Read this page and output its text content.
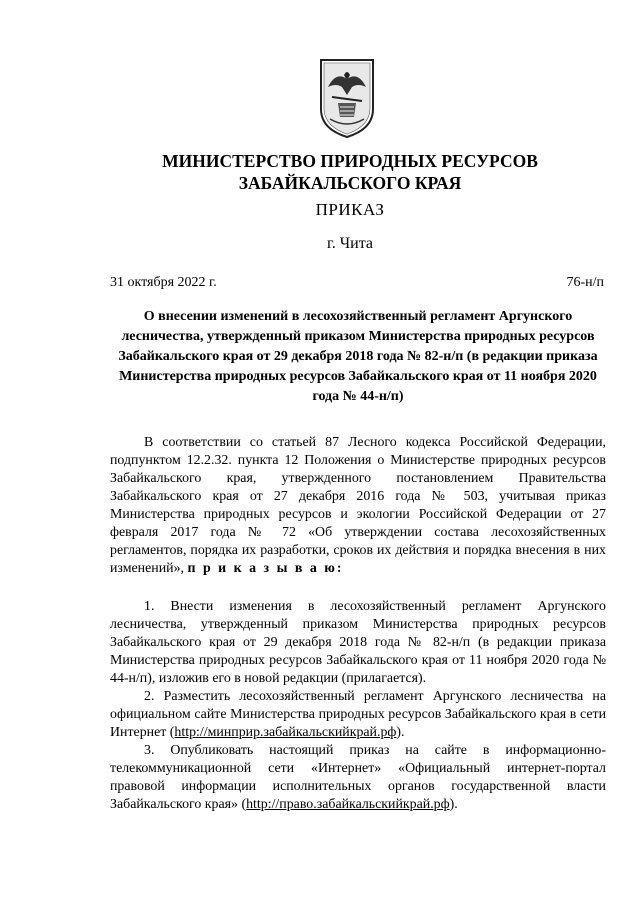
МИНИСТЕРСТВО ПРИРОДНЫХ РЕСУРСОВ
ЗАБАЙКАЛЬСКОГО КРАЯ
ПРИКАЗ
г. Чита
31 октября 2022 г.	76-н/п
О внесении изменений в лесохозяйственный регламент Аргунского лесничества, утвержденный приказом Министерства природных ресурсов Забайкальского края от 29 декабря 2018 года № 82-н/п (в редакции приказа Министерства природных ресурсов Забайкальского края от 11 ноября 2020 года № 44-н/п)

В соответствии со статьей 87 Лесного кодекса Российской Федерации, подпунктом 12.2.32. пункта 12 Положения о Министерстве природных ресурсов Забайкальского края, утвержденного постановлением Правительства Забайкальского края от 27 декабря 2016 года № 503, учитывая приказ Министерства природных ресурсов и экологии Российской Федерации от 27 февраля 2017 года № 72 «Об утверждении состава лесохозяйственных регламентов, порядка их разработки, сроков их действия и порядка внесения в них изменений», п р и к а з ы в а ю:

1. Внести изменения в лесохозяйственный регламент Аргунского лесничества, утвержденный приказом Министерства природных ресурсов Забайкальского края от 29 декабря 2018 года № 82-н/п (в редакции приказа Министерства природных ресурсов Забайкальского края от 11 ноября 2020 года № 44-н/п), изложив его в новой редакции (прилагается).

2. Разместить лесохозяйственный регламент Аргунского лесничества на официальном сайте Министерства природных ресурсов Забайкальского края в сети Интернет (http://минприр.забайкальскийкрай.рф).

3. Опубликовать настоящий приказ на сайте в информационно-телекоммуникационной сети «Интернет» «Официальный интернет-портал правовой информации исполнительных органов государственной власти Забайкальского края» (http://право.забайкальскийкрай.рф).
